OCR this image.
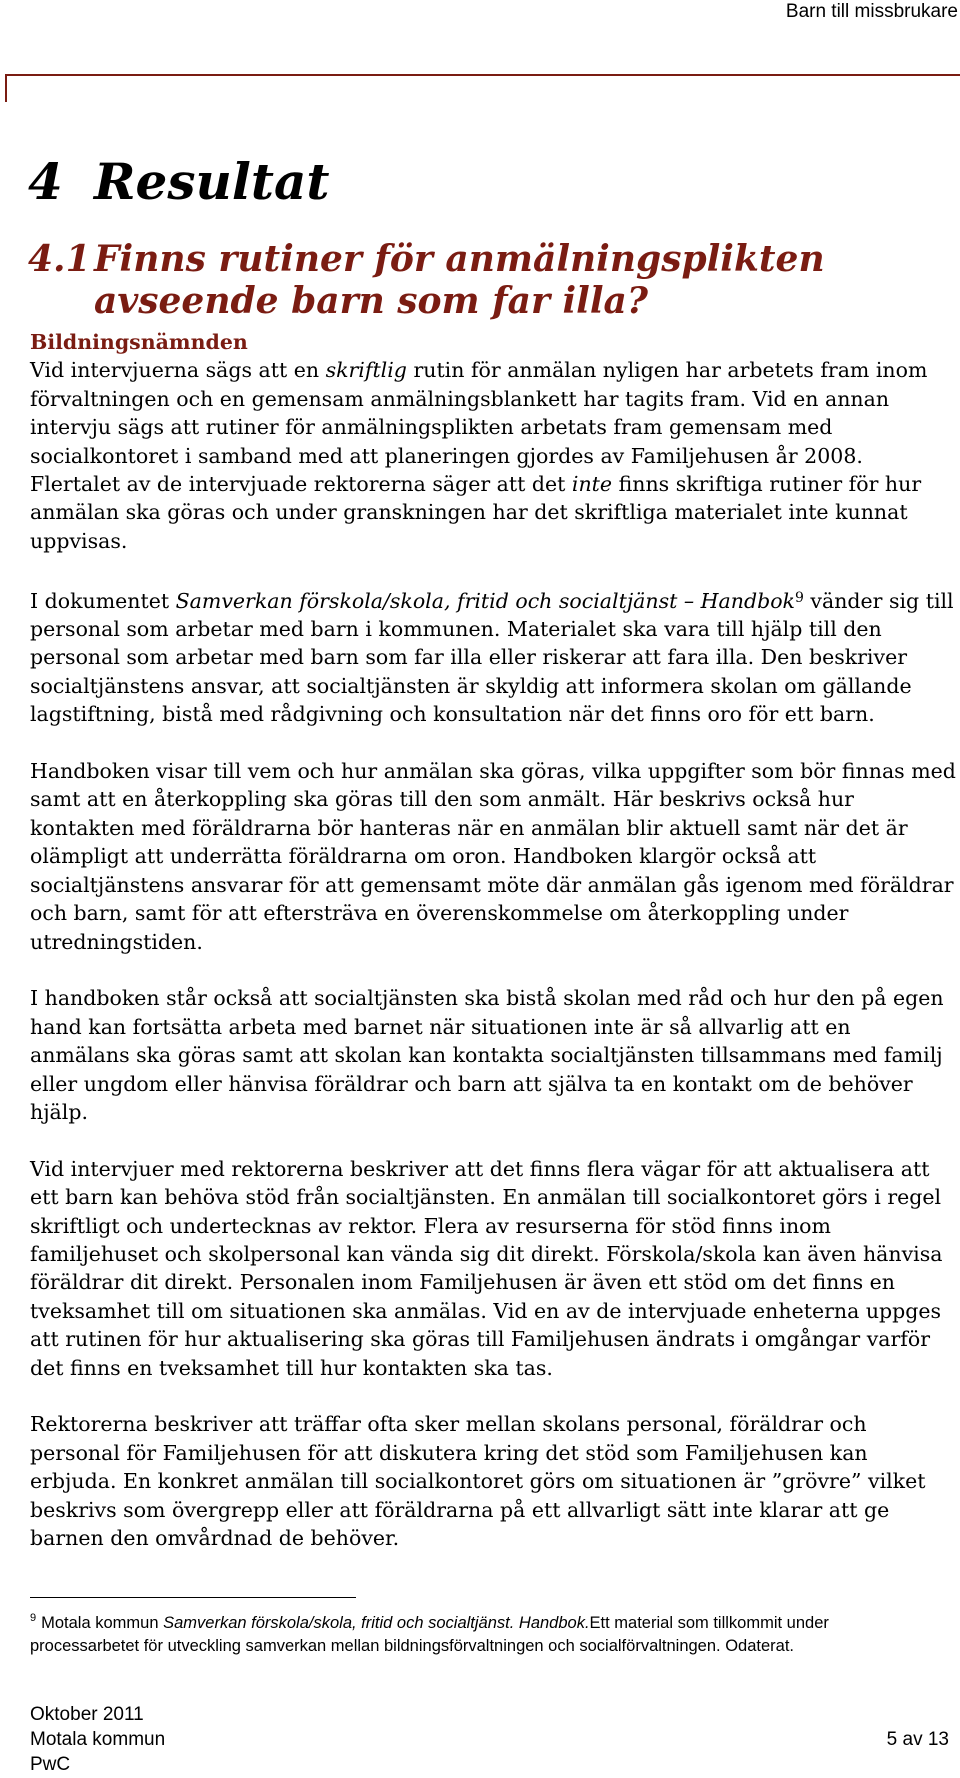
Barn till missbrukare
4 Resultat
4.1Finns rutiner för anmälningsplikten
avseende barn som far illa?
Bildningsnämnden

Vid intervjuerna sägs att en skriftlig rutin för anmälan nyligen har arbetets fram inom förvaltningen och en gemensam anmälningsblankett har tagits fram. Vid en annan intervju sägs att rutiner för anmälningsplikten arbetats fram gemensam med socialkontoret i samband med att planeringen gjordes av Familjehusen år 2008. Flertalet av de intervjuade rektorerna säger att det inte finns skriftiga rutiner för hur anmälan ska göras och under granskningen har det skriftliga materialet inte kunnat uppvisas.

I dokumentet Samverkan förskola/skola, fritid och socialtjänst – Handbok$^9$ vänder sig till personal som arbetar med barn i kommunen. Materialet ska vara till hjälp till den personal som arbetar med barn som far illa eller riskerar att fara illa. Den beskriver socialtjänstens ansvar, att socialtjänsten är skyldig att informera skolan om gällande lagstiftning, bistå med rådgivning och konsultation när det finns oro för ett barn.

Handboken visar till vem och hur anmälan ska göras, vilka uppgifter som bör finnas med samt att en återkoppling ska göras till den som anmält. Här beskrivs också hur kontakten med föräldrarna bör hanteras när en anmälan blir aktuell samt när det är olämpligt att underrätta föräldrarna om oron. Handboken klargör också att socialtjänstens ansvarar för att gemensamt möte där anmälan gås igenom med föräldrar och barn, samt för att eftersträva en överenskommelse om återkoppling under utredningstiden.

I handboken står också att socialtjänsten ska bistå skolan med råd och hur den på egen hand kan fortsätta arbeta med barnet när situationen inte är så allvarlig att en anmälans ska göras samt att skolan kan kontakta socialtjänsten tillsammans med familj eller ungdom eller hänvisa föräldrar och barn att själva ta en kontakt om de behöver hjälp.

Vid intervjuer med rektorerna beskriver att det finns flera vägar för att aktualisera att ett barn kan behöva stöd från socialtjänsten. En anmälan till socialkontoret görs i regel skriftligt och undertecknas av rektor. Flera av resurserna för stöd finns inom familjehuset och skolpersonal kan vända sig dit direkt. Förskola/skola kan även hänvisa föräldrar dit direkt. Personalen inom Familjehusen är även ett stöd om det finns en tveksamhet till om situationen ska anmälas. Vid en av de intervjuade enheterna uppges att rutinen för hur aktualisering ska göras till Familjehusen ändrats i omgångar varför det finns en tveksamhet till hur kontakten ska tas.

Rektorerna beskriver att träffar ofta sker mellan skolans personal, föräldrar och personal för Familjehusen för att diskutera kring det stöd som Familjehusen kan erbjuda. En konkret anmälan till socialkontoret görs om situationen är ”grövre” vilket beskrivs som övergrepp eller att föräldrarna på ett allvarligt sätt inte klarar att ge barnen den omvårdnad de behöver.

$^9$ Motala kommun Samverkan förskola/skola, fritid och socialtjänst. Handbok.Ett material som tillkommit under processarbetet för utveckling samverkan mellan bildningsförvaltningen och socialförvaltningen. Odaterat.
Oktober 2011
Motala kommun
PwC
5 av 13
